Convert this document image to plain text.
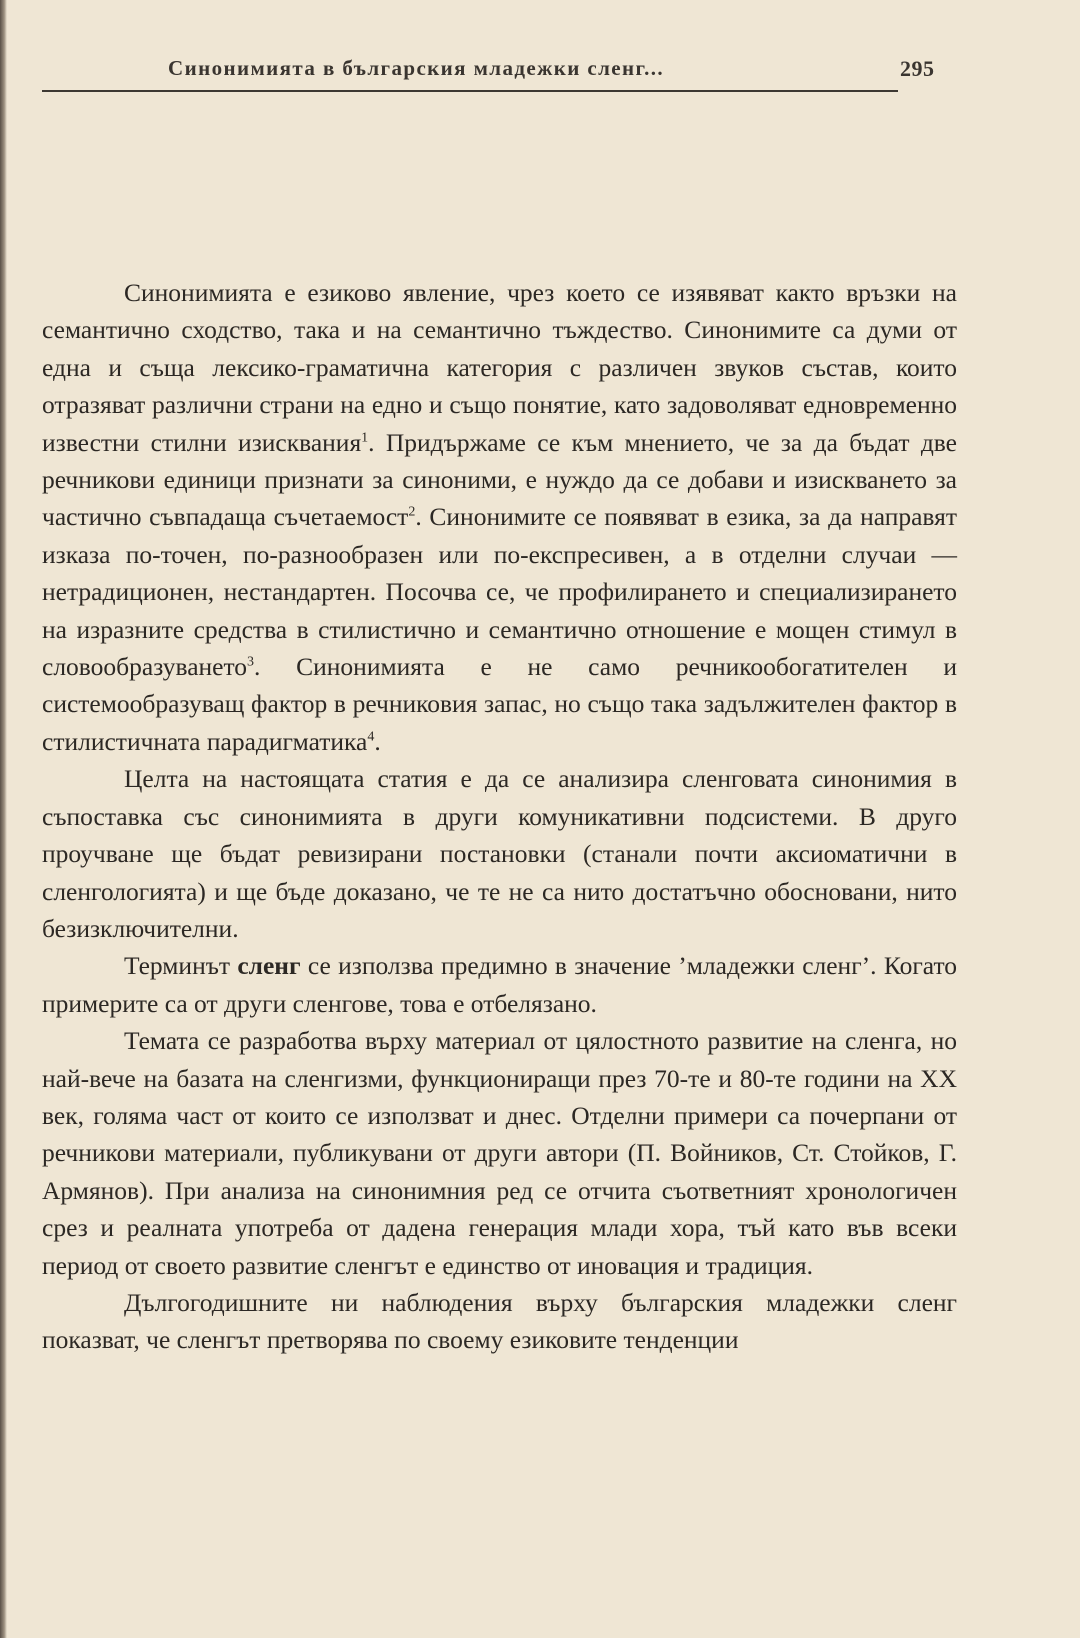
Синонимията в българския младежки сленг...	295

Синонимията е езиково явление, чрез което се изявяват както връзки на семантично сходство, така и на семантично тъждество. Синонимите са думи от една и съща лексико-граматична категория с различен звуков състав, които отразяват различни страни на едно и също понятие, като задоволяват едновременно известни стилни изисквания$^1$. Придържаме се към мнението, че за да бъдат две речникови единици признати за синоними, е нуждо да се добави и изискването за частично съвпадаща съчетаемост$^2$. Синонимите се появяват в езика, за да направят изказа по-точен, по-разнообразен или по-експресивен, а в отделни случаи — нетрадиционен, нестандартен. Посочва се, че профилирането и специализирането на изразните средства в стилистично и семантично отношение е мощен стимул в словообразуването$^3$. Синонимията е не само речникообогатителен и системообразуващ фактор в речниковия запас, но също така задължителен фактор в стилистичната парадигматика$^4$.

Целта на настоящата статия е да се анализира сленговата синонимия в съпоставка със синонимията в други комуникативни подсистеми. В друго проучване ще бъдат ревизирани постановки (станали почти аксиоматични в сленгологията) и ще бъде доказано, че те не са нито достатъчно обосновани, нито безизключителни.

Терминът сленг се използва предимно в значение ’младежки сленг’. Когато примерите са от други сленгове, това е отбелязано.

Темата се разработва върху материал от цялостното развитие на сленга, но най-вече на базата на сленгизми, функциониращи през 70-те и 80-те години на XX век, голяма част от които се използват и днес. Отделни примери са почерпани от речникови материали, публикувани от други автори (П. Войников, Ст. Стойков, Г. Армянов). При анализа на синонимния ред се отчита съответният хронологичен срез и реалната употреба от дадена генерация млади хора, тъй като във всеки период от своето развитие сленгът е единство от иновация и традиция.

Дългогодишните ни наблюдения върху българския младежки сленг показват, че сленгът претворява по своему езиковите тенденции
